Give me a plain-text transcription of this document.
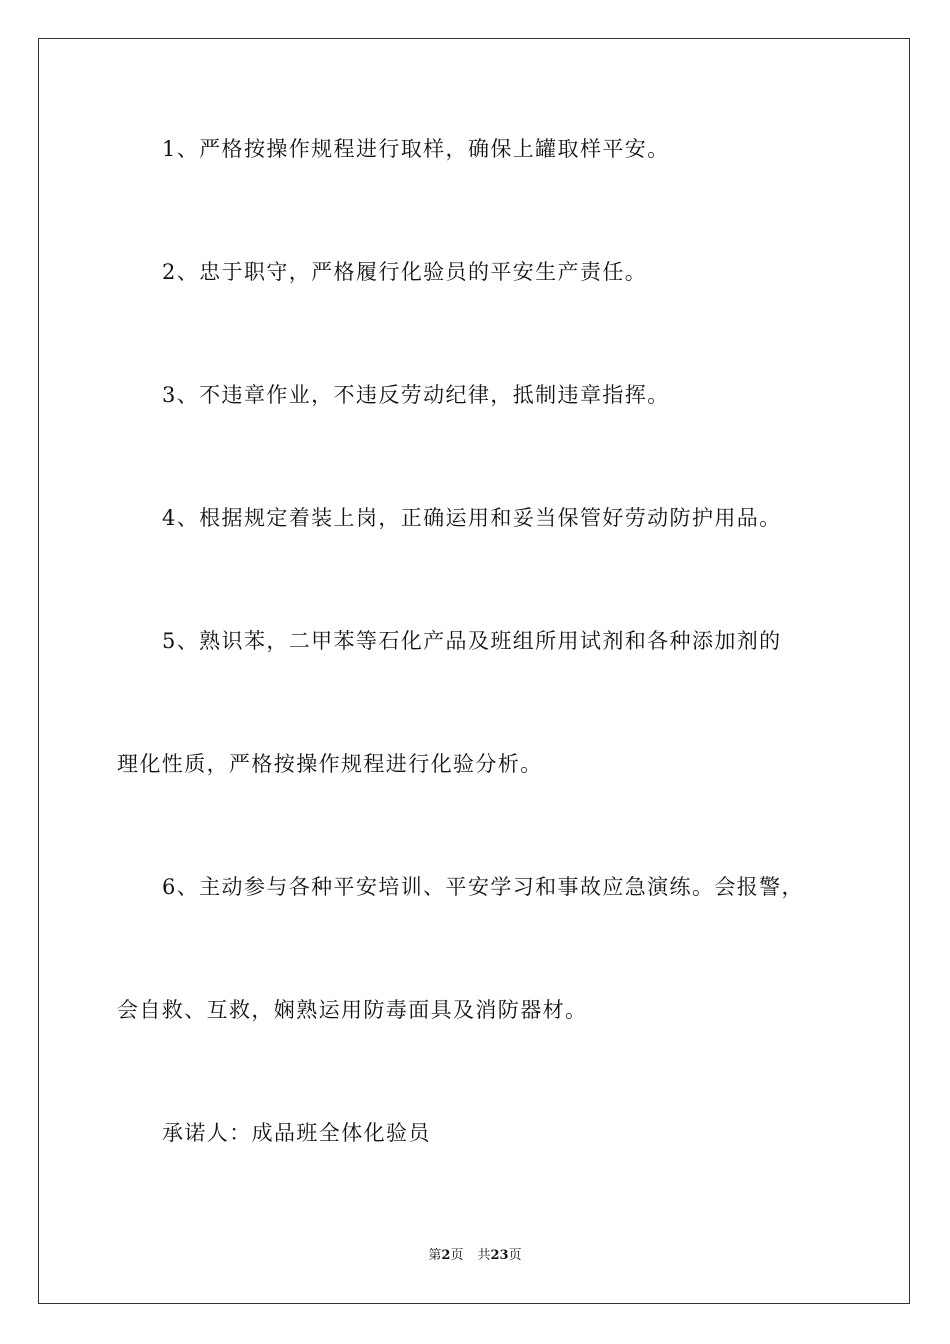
1、严格按操作规程进行取样，确保上罐取样平安。
2、忠于职守，严格履行化验员的平安生产责任。
3、不违章作业，不违反劳动纪律，抵制违章指挥。
4、根据规定着装上岗，正确运用和妥当保管好劳动防护用品。
5、熟识苯，二甲苯等石化产品及班组所用试剂和各种添加剂的
理化性质，严格按操作规程进行化验分析。
6、主动参与各种平安培训、平安学习和事故应急演练。会报警，
会自救、互救，娴熟运用防毒面具及消防器材。
承诺人：成品班全体化验员
第2页 共23页
